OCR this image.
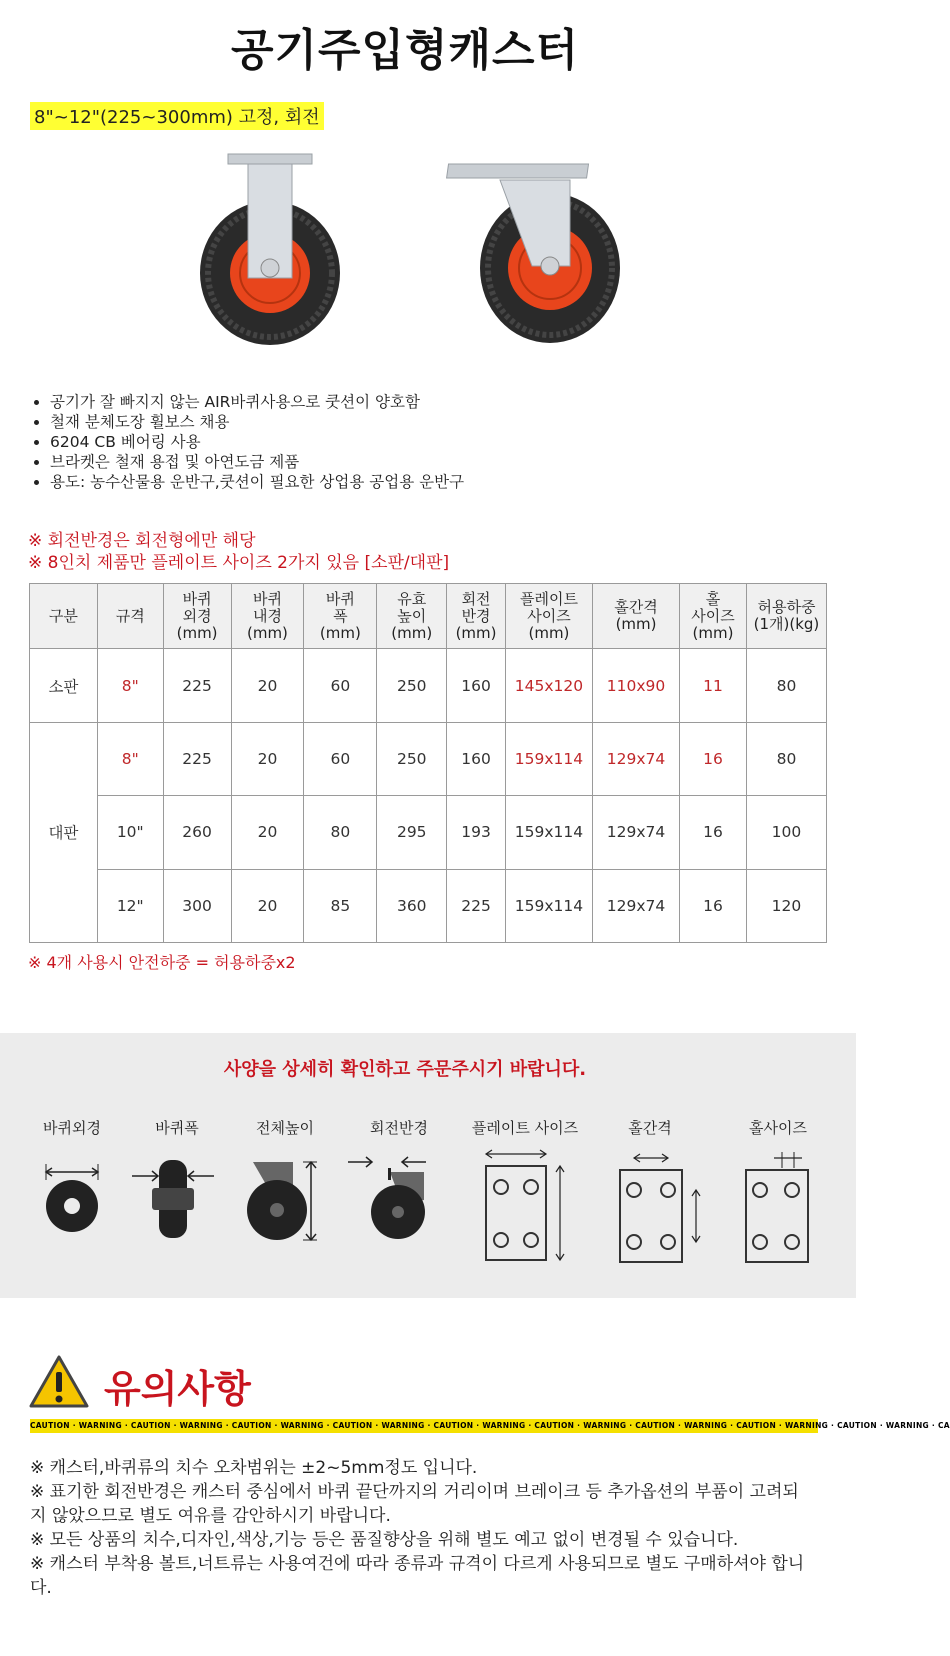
공기주입형캐스터
8"~12"(225~300mm) 고정, 회전
• 공기가 잘 빠지지 않는 AIR바퀴사용으로 쿳션이 양호함
• 철재 분체도장 휠보스 채용
• 6204 CB 베어링 사용
• 브라켓은 철재 용접 및 아연도금 제품
• 용도: 농수산물용 운반구,쿳션이 필요한 상업용 공업용 운반구
※ 회전반경은 회전형에만 해당
※ 8인치 제품만 플레이트 사이즈 2가지 있음 [소판/대판]
구분	규격	바퀴
외경
(mm)	바퀴
내경
(mm)	바퀴
폭
(mm)	유효
높이
(mm)	회전
반경
(mm)	플레이트
사이즈
(mm)	홀간격
(mm)	홀
사이즈
(mm)	허용하중
(1개)(kg)
소판	8"	225	20	60	250	160	145x120	110x90	11	80
대판	8"	225	20	60	250	160	159x114	129x74	16	80
	10"	260	20	80	295	193	159x114	129x74	16	100
	12"	300	20	85	360	225	159x114	129x74	16	120
※ 4개 사용시 안전하중 = 허용하중x2
사양을 상세히 확인하고 주문주시기 바랍니다.
바퀴외경	바퀴폭	전체높이	회전반경	플레이트 사이즈	홀간격	홀사이즈
유의사항
CAUTION · WARNING · CAUTION · WARNING · CAUTION · WARNING · CAUTION · WARNING · CAUTION · WARNING · CAUTION · WARNING · CAUTION · WARNING · CAUTION · WARNING · CAUTION · WARNING · CA

※ 캐스터,바퀴류의 치수 오차범위는 ±2~5mm정도 입니다.

※ 표기한 회전반경은 캐스터 중심에서 바퀴 끝단까지의 거리이며 브레이크 등 추가옵션의 부품이 고려되지 않았으므로 별도 여유를 감안하시기 바랍니다.

※ 모든 상품의 치수,디자인,색상,기능 등은 품질향상을 위해 별도 예고 없이 변경될 수 있습니다.

※ 캐스터 부착용 볼트,너트류는 사용여건에 따라 종류과 규격이 다르게 사용되므로 별도 구매하셔야 합니다.
